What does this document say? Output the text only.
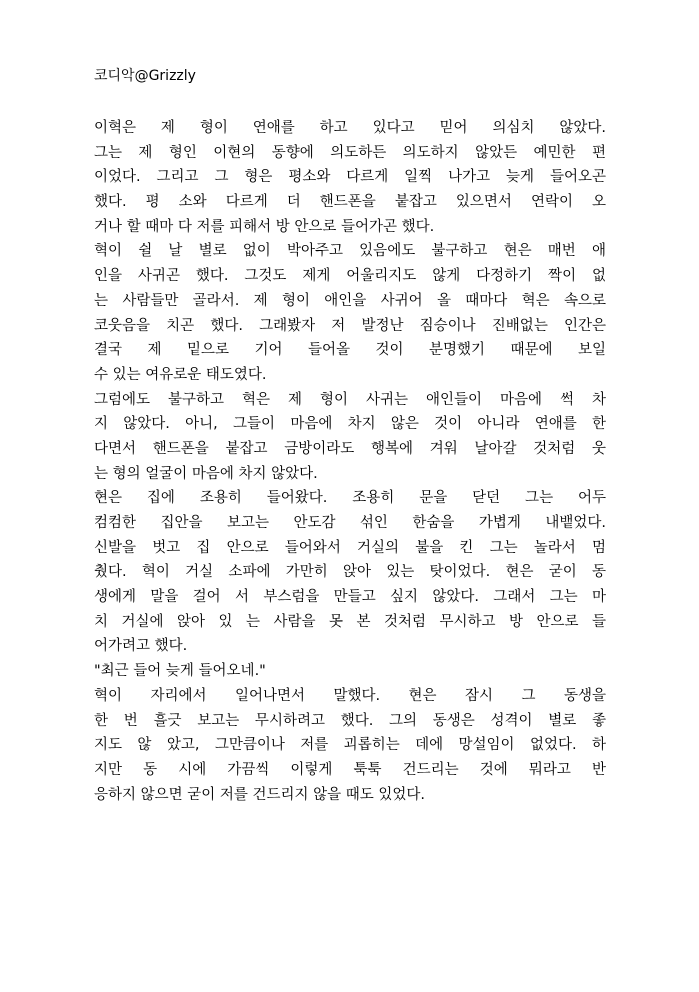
코디악@Grizzly
이혁은 제 형이 연애를 하고 있다고 믿어 의심치 않았다.
그는 제 형인 이현의 동향에 의도하든 의도하지 않았든 예민한 편
이었다. 그리고 그 형은 평소와 다르게 일찍 나가고 늦게 들어오곤
했다. 평 소와 다르게 더 핸드폰을 붙잡고 있으면서 연락이 오
거나 할 때마 다 저를 피해서 방 안으로 들어가곤 했다.
혁이 쉴 날 별로 없이 박아주고 있음에도 불구하고 현은 매번 애
인을 사귀곤 했다. 그것도 제게 어울리지도 않게 다정하기 짝이 없
는 사람들만 골라서. 제 형이 애인을 사귀어 올 때마다 혁은 속으로
코웃음을 치곤 했다. 그래봤자 저 발정난 짐승이나 진배없는 인간은
결국 제 밑으로 기어 들어올 것이 분명했기 때문에 보일
수 있는 여유로운 태도였다.
그럼에도 불구하고 혁은 제 형이 사귀는 애인들이 마음에 썩 차
지 않았다. 아니, 그들이 마음에 차지 않은 것이 아니라 연애를 한
다면서 핸드폰을 붙잡고 금방이라도 행복에 겨워 날아갈 것처럼 웃
는 형의 얼굴이 마음에 차지 않았다.
현은 집에 조용히 들어왔다. 조용히 문을 닫던 그는 어두
컴컴한 집안을 보고는 안도감 섞인 한숨을 가볍게 내뱉었다.
신발을 벗고 집 안으로 들어와서 거실의 불을 킨 그는 놀라서 멈
췄다. 혁이 거실 소파에 가만히 앉아 있는 탓이었다. 현은 굳이 동
생에게 말을 걸어 서 부스럼을 만들고 싶지 않았다. 그래서 그는 마
치 거실에 앉아 있 는 사람을 못 본 것처럼 무시하고 방 안으로 들
어가려고 했다.
"최근 들어 늦게 들어오네."
혁이 자리에서 일어나면서 말했다. 현은 잠시 그 동생을
한 번 흘긋 보고는 무시하려고 했다. 그의 동생은 성격이 별로 좋
지도 않 았고, 그만큼이나 저를 괴롭히는 데에 망설임이 없었다. 하
지만 동 시에 가끔씩 이렇게 툭툭 건드리는 것에 뭐라고 반
응하지 않으면 굳이 저를 건드리지 않을 때도 있었다.
